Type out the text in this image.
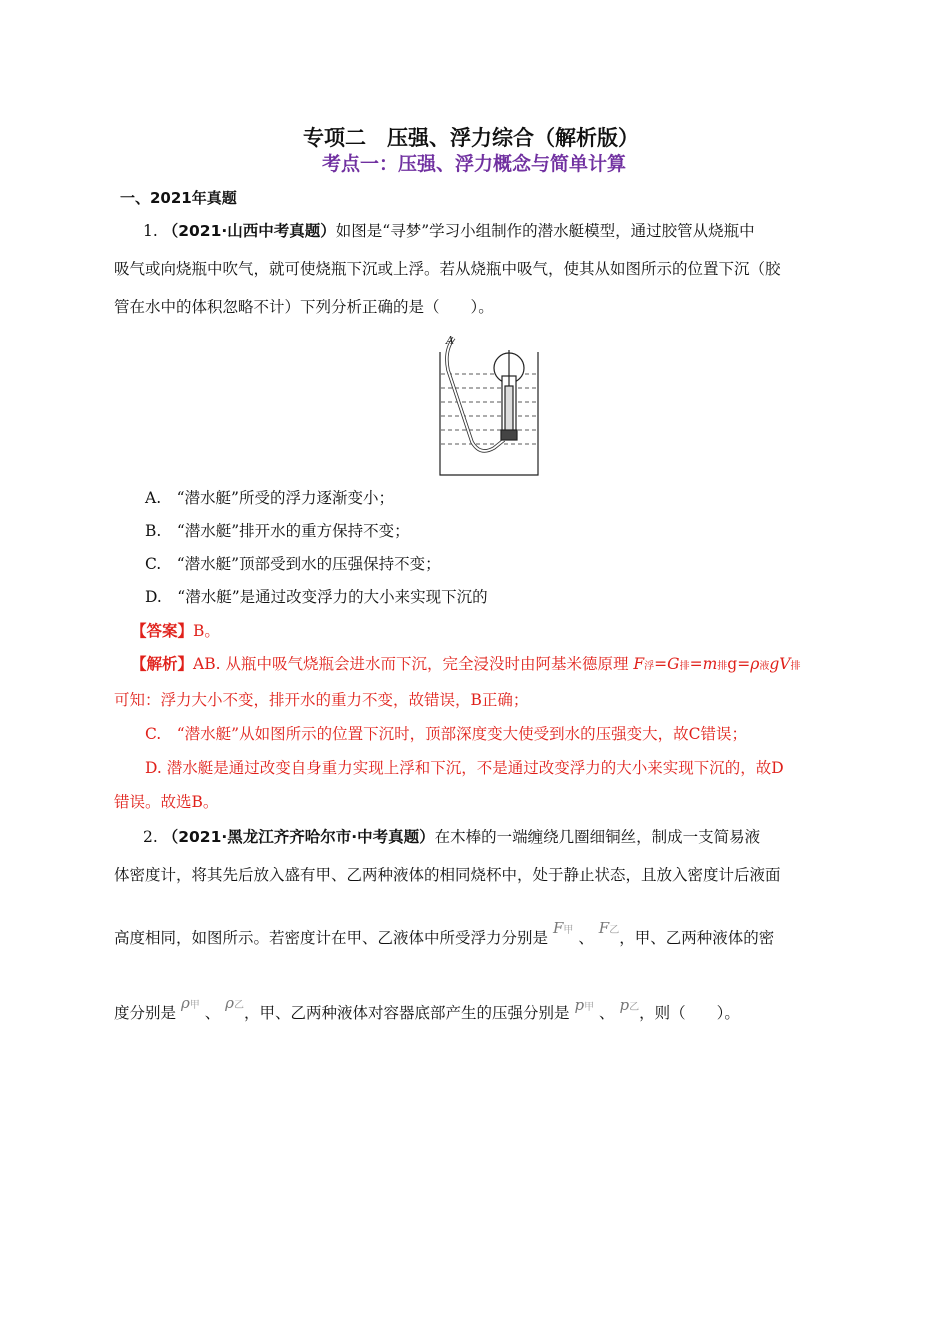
专项二　压强、浮力综合（解析版）
考点一：压强、浮力概念与简单计算
一、2021年真题
1. （2021·山西中考真题）如图是“寻梦”学习小组制作的潜水艇模型，通过胶管从烧瓶中
吸气或向烧瓶中吹气，就可使烧瓶下沉或上浮。若从烧瓶中吸气，使其从如图所示的位置下沉（胶
管在水中的体积忽略不计）下列分析正确的是（　　）。
A
A.　“潜水艇”所受的浮力逐渐变小；
B.　“潜水艇”排开水的重方保持不变；
C.　“潜水艇”顶部受到水的压强保持不变；
D.　“潜水艇”是通过改变浮力的大小来实现下沉的
【答案】B。
【解析】AB. 从瓶中吸气烧瓶会进水而下沉，完全浸没时由阿基米德原理 F浮=G排=m排g=ρ液gV排
可知：浮力大小不变，排开水的重力不变，故错误，B正确；
C.　“潜水艇”从如图所示的位置下沉时，顶部深度变大使受到水的压强变大，故C错误；
D. 潜水艇是通过改变自身重力实现上浮和下沉，不是通过改变浮力的大小来实现下沉的，故D
错误。故选B。
2. （2021·黑龙江齐齐哈尔市·中考真题）在木棒的一端缠绕几圈细铜丝，制成一支简易液
体密度计，将其先后放入盛有甲、乙两种液体的相同烧杯中，处于静止状态，且放入密度计后液面
高度相同，如图所示。若密度计在甲、乙液体中所受浮力分别是 F甲 、 F乙，甲、乙两种液体的密
度分别是 ρ甲 、 ρ乙，甲、乙两种液体对容器底部产生的压强分别是 p甲 、 p乙，则（　　）。
